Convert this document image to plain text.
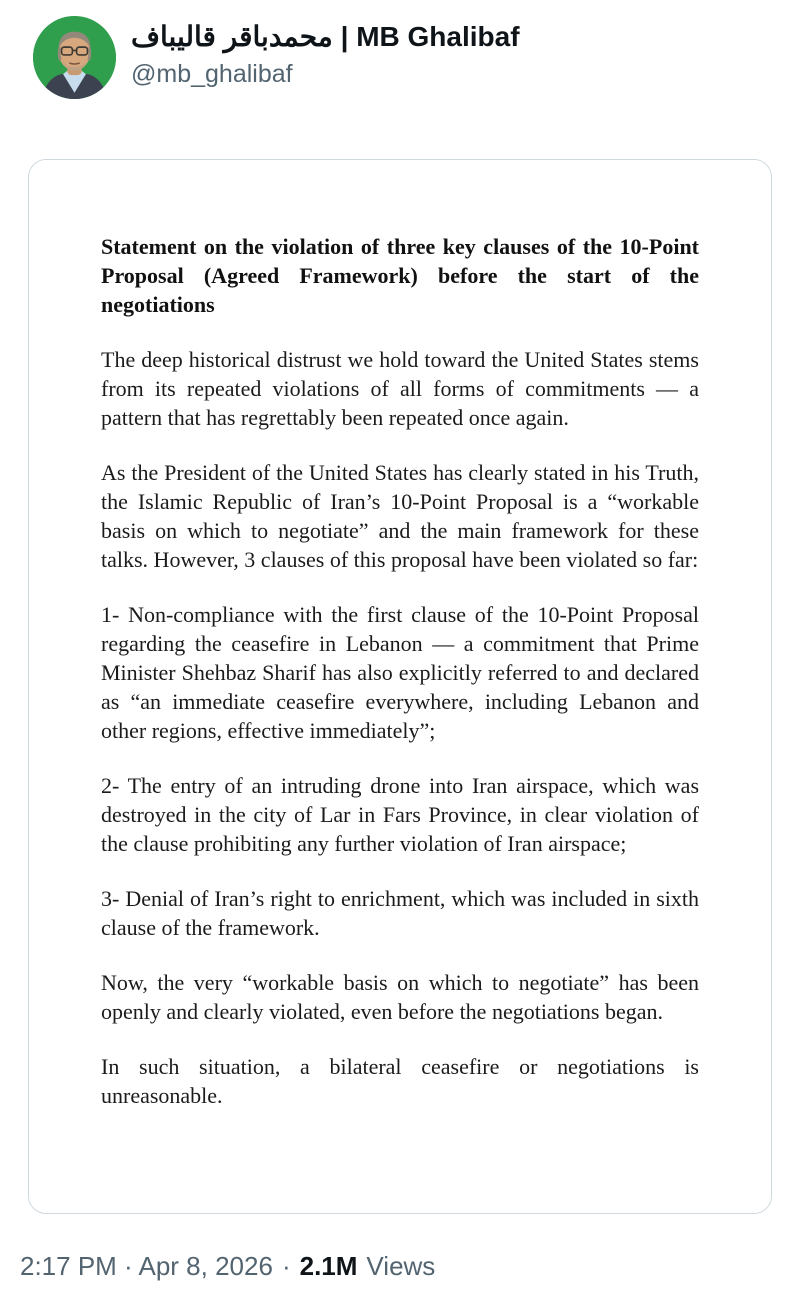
محمدباقر قالیباف | MB Ghalibaf
@mb_ghalibaf

Statement on the violation of three key clauses of the 10-Point Proposal (Agreed Framework) before the start of the negotiations

The deep historical distrust we hold toward the United States stems from its repeated violations of all forms of commitments — a pattern that has regrettably been repeated once again.

As the President of the United States has clearly stated in his Truth, the Islamic Republic of Iran’s 10-Point Proposal is a “workable basis on which to negotiate” and the main framework for these talks. However, 3 clauses of this proposal have been violated so far:

1- Non-compliance with the first clause of the 10-Point Proposal regarding the ceasefire in Lebanon — a commitment that Prime Minister Shehbaz Sharif has also explicitly referred to and declared as “an immediate ceasefire everywhere, including Lebanon and other regions, effective immediately”;

2- The entry of an intruding drone into Iran airspace, which was destroyed in the city of Lar in Fars Province, in clear violation of the clause prohibiting any further violation of Iran airspace;

3- Denial of Iran’s right to enrichment, which was included in sixth clause of the framework.

Now, the very “workable basis on which to negotiate” has been openly and clearly violated, even before the negotiations began.

In such situation, a bilateral ceasefire or negotiations is unreasonable.

2:17 PM · Apr 8, 2026 · 2.1M Views
